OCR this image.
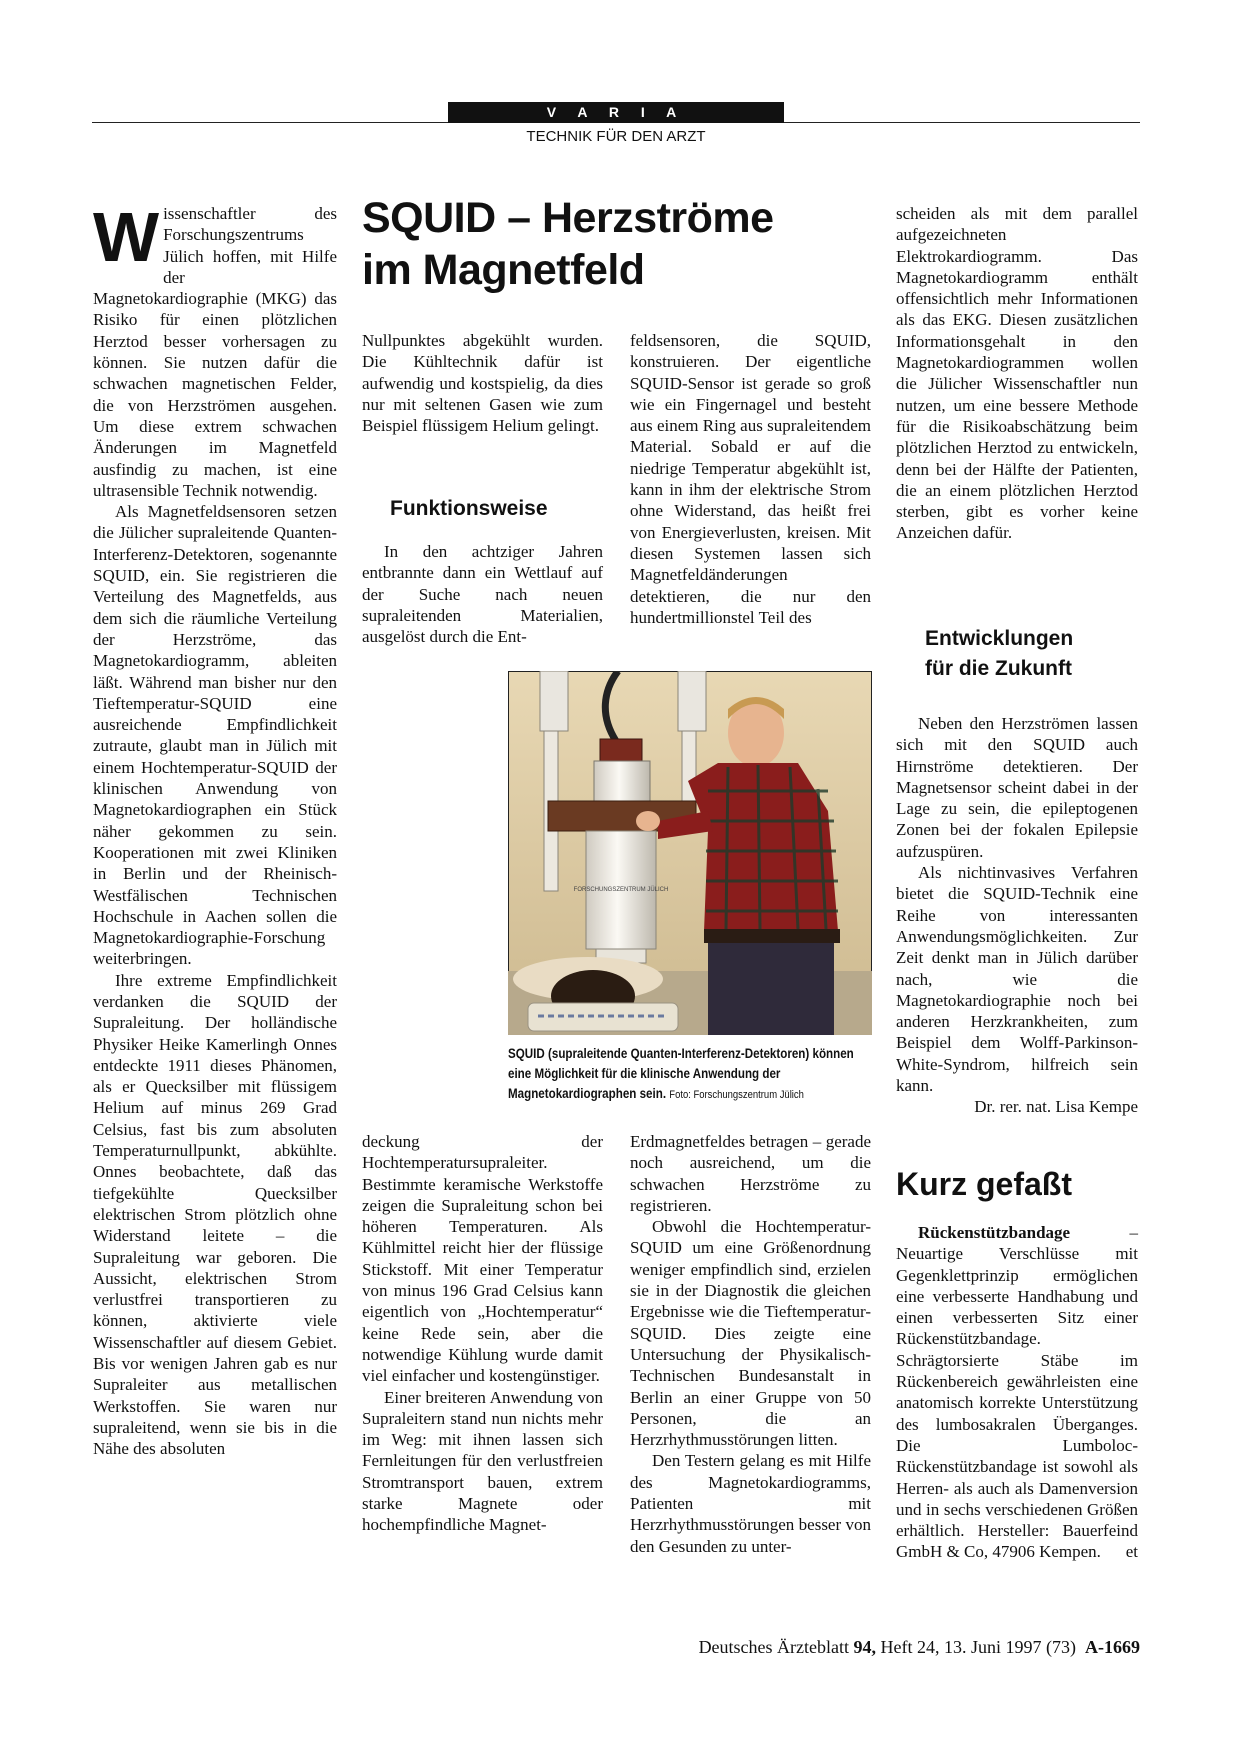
V A R I A
TECHNIK FÜR DEN ARZT

Wissenschaftler des Forschungszentrums Jülich hoffen, mit Hilfe der Magnetokardiographie (MKG) das Risiko für einen plötzlichen Herztod besser vorhersagen zu können. Sie nutzen dafür die schwachen magnetischen Felder, die von Herzströmen ausgehen. Um diese extrem schwachen Änderungen im Magnetfeld ausfindig zu machen, ist eine ultrasensible Technik notwendig.

Als Magnetfeldsensoren setzen die Jülicher supraleitende Quanten-Interferenz-Detektoren, sogenannte SQUID, ein. Sie registrieren die Verteilung des Magnetfelds, aus dem sich die räumliche Verteilung der Herzströme, das Magnetokardiogramm, ableiten läßt. Während man bisher nur den Tieftemperatur-SQUID eine ausreichende Empfindlichkeit zutraute, glaubt man in Jülich mit einem Hochtemperatur-SQUID der klinischen Anwendung von Magnetokardiographen ein Stück näher gekommen zu sein. Kooperationen mit zwei Kliniken in Berlin und der Rheinisch-Westfälischen Technischen Hochschule in Aachen sollen die Magnetokardiographie-Forschung weiterbringen.

Ihre extreme Empfindlichkeit verdanken die SQUID der Supraleitung. Der holländische Physiker Heike Kamerlingh Onnes entdeckte 1911 dieses Phänomen, als er Quecksilber mit flüssigem Helium auf minus 269 Grad Celsius, fast bis zum absoluten Temperaturnullpunkt, abkühlte. Onnes beobachtete, daß das tiefgekühlte Quecksilber elektrischen Strom plötzlich ohne Widerstand leitete – die Supraleitung war geboren. Die Aussicht, elektrischen Strom verlustfrei transportieren zu können, aktivierte viele Wissenschaftler auf diesem Gebiet. Bis vor wenigen Jahren gab es nur Supraleiter aus metallischen Werkstoffen. Sie waren nur supraleitend, wenn sie bis in die Nähe des absoluten

SQUID – Herzströme
im Magnetfeld

Nullpunktes abgekühlt wurden. Die Kühltechnik dafür ist aufwendig und kostspielig, da dies nur mit seltenen Gasen wie zum Beispiel flüssigem Helium gelingt.

Funktionsweise

In den achtziger Jahren entbrannte dann ein Wettlauf auf der Suche nach neuen supraleitenden Materialien, ausgelöst durch die Ent-

feldsensoren, die SQUID, konstruieren. Der eigentliche SQUID-Sensor ist gerade so groß wie ein Fingernagel und besteht aus einem Ring aus supraleitendem Material. Sobald er auf die niedrige Temperatur abgekühlt ist, kann in ihm der elektrische Strom ohne Widerstand, das heißt frei von Energieverlusten, kreisen. Mit diesen Systemen lassen sich Magnetfeldänderungen detektieren, die nur den hundertmillionstel Teil des

FORSCHUNGSZENTRUM JÜLICH
SQUID (supraleitende Quanten-Interferenz-Detektoren) können eine Möglichkeit für die klinische Anwendung der Magnetokardiographen sein. Foto: Forschungszentrum Jülich

deckung der Hochtemperatursupraleiter. Bestimmte keramische Werkstoffe zeigen die Supraleitung schon bei höheren Temperaturen. Als Kühlmittel reicht hier der flüssige Stickstoff. Mit einer Temperatur von minus 196 Grad Celsius kann eigentlich von „Hochtemperatur“ keine Rede sein, aber die notwendige Kühlung wurde damit viel einfacher und kostengünstiger.

Einer breiteren Anwendung von Supraleitern stand nun nichts mehr im Weg: mit ihnen lassen sich Fernleitungen für den verlustfreien Stromtransport bauen, extrem starke Magnete oder hochempfindliche Magnet-

Erdmagnetfeldes betragen – gerade noch ausreichend, um die schwachen Herzströme zu registrieren.

Obwohl die Hochtemperatur-SQUID um eine Größenordnung weniger empfindlich sind, erzielen sie in der Diagnostik die gleichen Ergebnisse wie die Tieftemperatur-SQUID. Dies zeigte eine Untersuchung der Physikalisch-Technischen Bundesanstalt in Berlin an einer Gruppe von 50 Personen, die an Herzrhythmusstörungen litten.

Den Testern gelang es mit Hilfe des Magnetokardiogramms, Patienten mit Herzrhythmusstörungen besser von den Gesunden zu unter-

scheiden als mit dem parallel aufgezeichneten Elektrokardiogramm. Das Magnetokardiogramm enthält offensichtlich mehr Informationen als das EKG. Diesen zusätzlichen Informationsgehalt in den Magnetokardiogrammen wollen die Jülicher Wissenschaftler nun nutzen, um eine bessere Methode für die Risikoabschätzung beim plötzlichen Herztod zu entwickeln, denn bei der Hälfte der Patienten, die an einem plötzlichen Herztod sterben, gibt es vorher keine Anzeichen dafür.

Entwicklungen
für die Zukunft

Neben den Herzströmen lassen sich mit den SQUID auch Hirnströme detektieren. Der Magnetsensor scheint dabei in der Lage zu sein, die epileptogenen Zonen bei der fokalen Epilepsie aufzuspüren.

Als nichtinvasives Verfahren bietet die SQUID-Technik eine Reihe von interessanten Anwendungsmöglichkeiten. Zur Zeit denkt man in Jülich darüber nach, wie die Magnetokardiographie noch bei anderen Herzkrankheiten, zum Beispiel dem Wolff-Parkinson-White-Syndrom, hilfreich sein kann.

Dr. rer. nat. Lisa Kempe
Kurz gefaßt

Rückenstützbandage – Neuartige Verschlüsse mit Gegenklettprinzip ermöglichen eine verbesserte Handhabung und einen verbesserten Sitz einer Rückenstützbandage. Schrägtorsierte Stäbe im Rückenbereich gewährleisten eine anatomisch korrekte Unterstützung des lumbosakralen Überganges. Die Lumboloc-Rückenstützbandage ist sowohl als Herren- als auch als Damenversion und in sechs verschiedenen Größen erhältlich. Hersteller: Bauerfeind GmbH & Co, 47906 Kempen.	et

Deutsches Ärzteblatt 94, Heft 24, 13. Juni 1997 (73) A-1669
